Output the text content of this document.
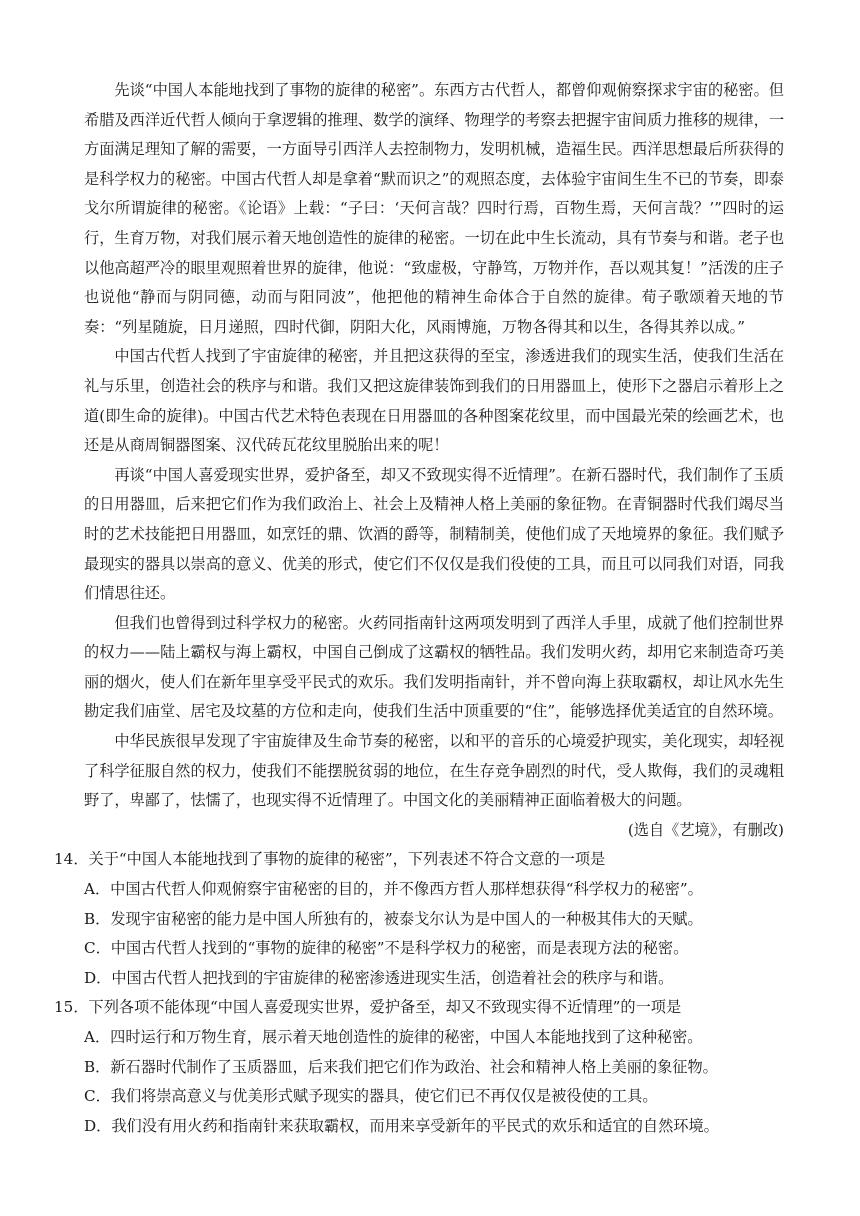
先谈“中国人本能地找到了事物的旋律的秘密”。东西方古代哲人，都曾仰观俯察探求宇宙的秘密。但希腊及西洋近代哲人倾向于拿逻辑的推理、数学的演绎、物理学的考察去把握宇宙间质力推移的规律，一方面满足理知了解的需要，一方面导引西洋人去控制物力，发明机械，造福生民。西洋思想最后所获得的是科学权力的秘密。中国古代哲人却是拿着“默而识之”的观照态度，去体验宇宙间生生不已的节奏，即泰戈尔所谓旋律的秘密。《论语》上载：“子曰：‘天何言哉？四时行焉，百物生焉，天何言哉？’”四时的运行，生育万物，对我们展示着天地创造性的旋律的秘密。一切在此中生长流动，具有节奏与和谐。老子也以他高超严冷的眼里观照着世界的旋律，他说：“致虚极，守静笃，万物并作，吾以观其复！”活泼的庄子也说他“静而与阴同德，动而与阳同波”，他把他的精神生命体合于自然的旋律。荀子歌颂着天地的节奏：“列星随旋，日月递照，四时代御，阴阳大化，风雨博施，万物各得其和以生，各得其养以成。”

中国古代哲人找到了宇宙旋律的秘密，并且把这获得的至宝，渗透进我们的现实生活，使我们生活在礼与乐里，创造社会的秩序与和谐。我们又把这旋律装饰到我们的日用器皿上，使形下之器启示着形上之道(即生命的旋律)。中国古代艺术特色表现在日用器皿的各种图案花纹里，而中国最光荣的绘画艺术，也还是从商周铜器图案、汉代砖瓦花纹里脱胎出来的呢！

再谈“中国人喜爱现实世界，爱护备至，却又不致现实得不近情理”。在新石器时代，我们制作了玉质的日用器皿，后来把它们作为我们政治上、社会上及精神人格上美丽的象征物。在青铜器时代我们竭尽当时的艺术技能把日用器皿，如烹饪的鼎、饮酒的爵等，制精制美，使他们成了天地境界的象征。我们赋予最现实的器具以崇高的意义、优美的形式，使它们不仅仅是我们役使的工具，而且可以同我们对语，同我们情思往还。

但我们也曾得到过科学权力的秘密。火药同指南针这两项发明到了西洋人手里，成就了他们控制世界的权力——陆上霸权与海上霸权，中国自己倒成了这霸权的牺牲品。我们发明火药，却用它来制造奇巧美丽的烟火，使人们在新年里享受平民式的欢乐。我们发明指南针，并不曾向海上获取霸权，却让风水先生勘定我们庙堂、居宅及坟墓的方位和走向，使我们生活中顶重要的“住”，能够选择优美适宜的自然环境。

中华民族很早发现了宇宙旋律及生命节奏的秘密，以和平的音乐的心境爱护现实，美化现实，却轻视了科学征服自然的权力，使我们不能摆脱贫弱的地位，在生存竞争剧烈的时代，受人欺侮，我们的灵魂粗野了，卑鄙了，怯懦了，也现实得不近情理了。中国文化的美丽精神正面临着极大的问题。

(选自《艺境》，有删改)

14．关于“中国人本能地找到了事物的旋律的秘密”，下列表述不符合文意的一项是

A．中国古代哲人仰观俯察宇宙秘密的目的，并不像西方哲人那样想获得“科学权力的秘密”。

B．发现宇宙秘密的能力是中国人所独有的，被泰戈尔认为是中国人的一种极其伟大的天赋。

C．中国古代哲人找到的“事物的旋律的秘密”不是科学权力的秘密，而是表现方法的秘密。

D．中国古代哲人把找到的宇宙旋律的秘密渗透进现实生活，创造着社会的秩序与和谐。

15．下列各项不能体现“中国人喜爱现实世界，爱护备至，却又不致现实得不近情理”的一项是

A．四时运行和万物生育，展示着天地创造性的旋律的秘密，中国人本能地找到了这种秘密。

B．新石器时代制作了玉质器皿，后来我们把它们作为政治、社会和精神人格上美丽的象征物。

C．我们将崇高意义与优美形式赋予现实的器具，使它们已不再仅仅是被役使的工具。

D．我们没有用火药和指南针来获取霸权，而用来享受新年的平民式的欢乐和适宜的自然环境。
